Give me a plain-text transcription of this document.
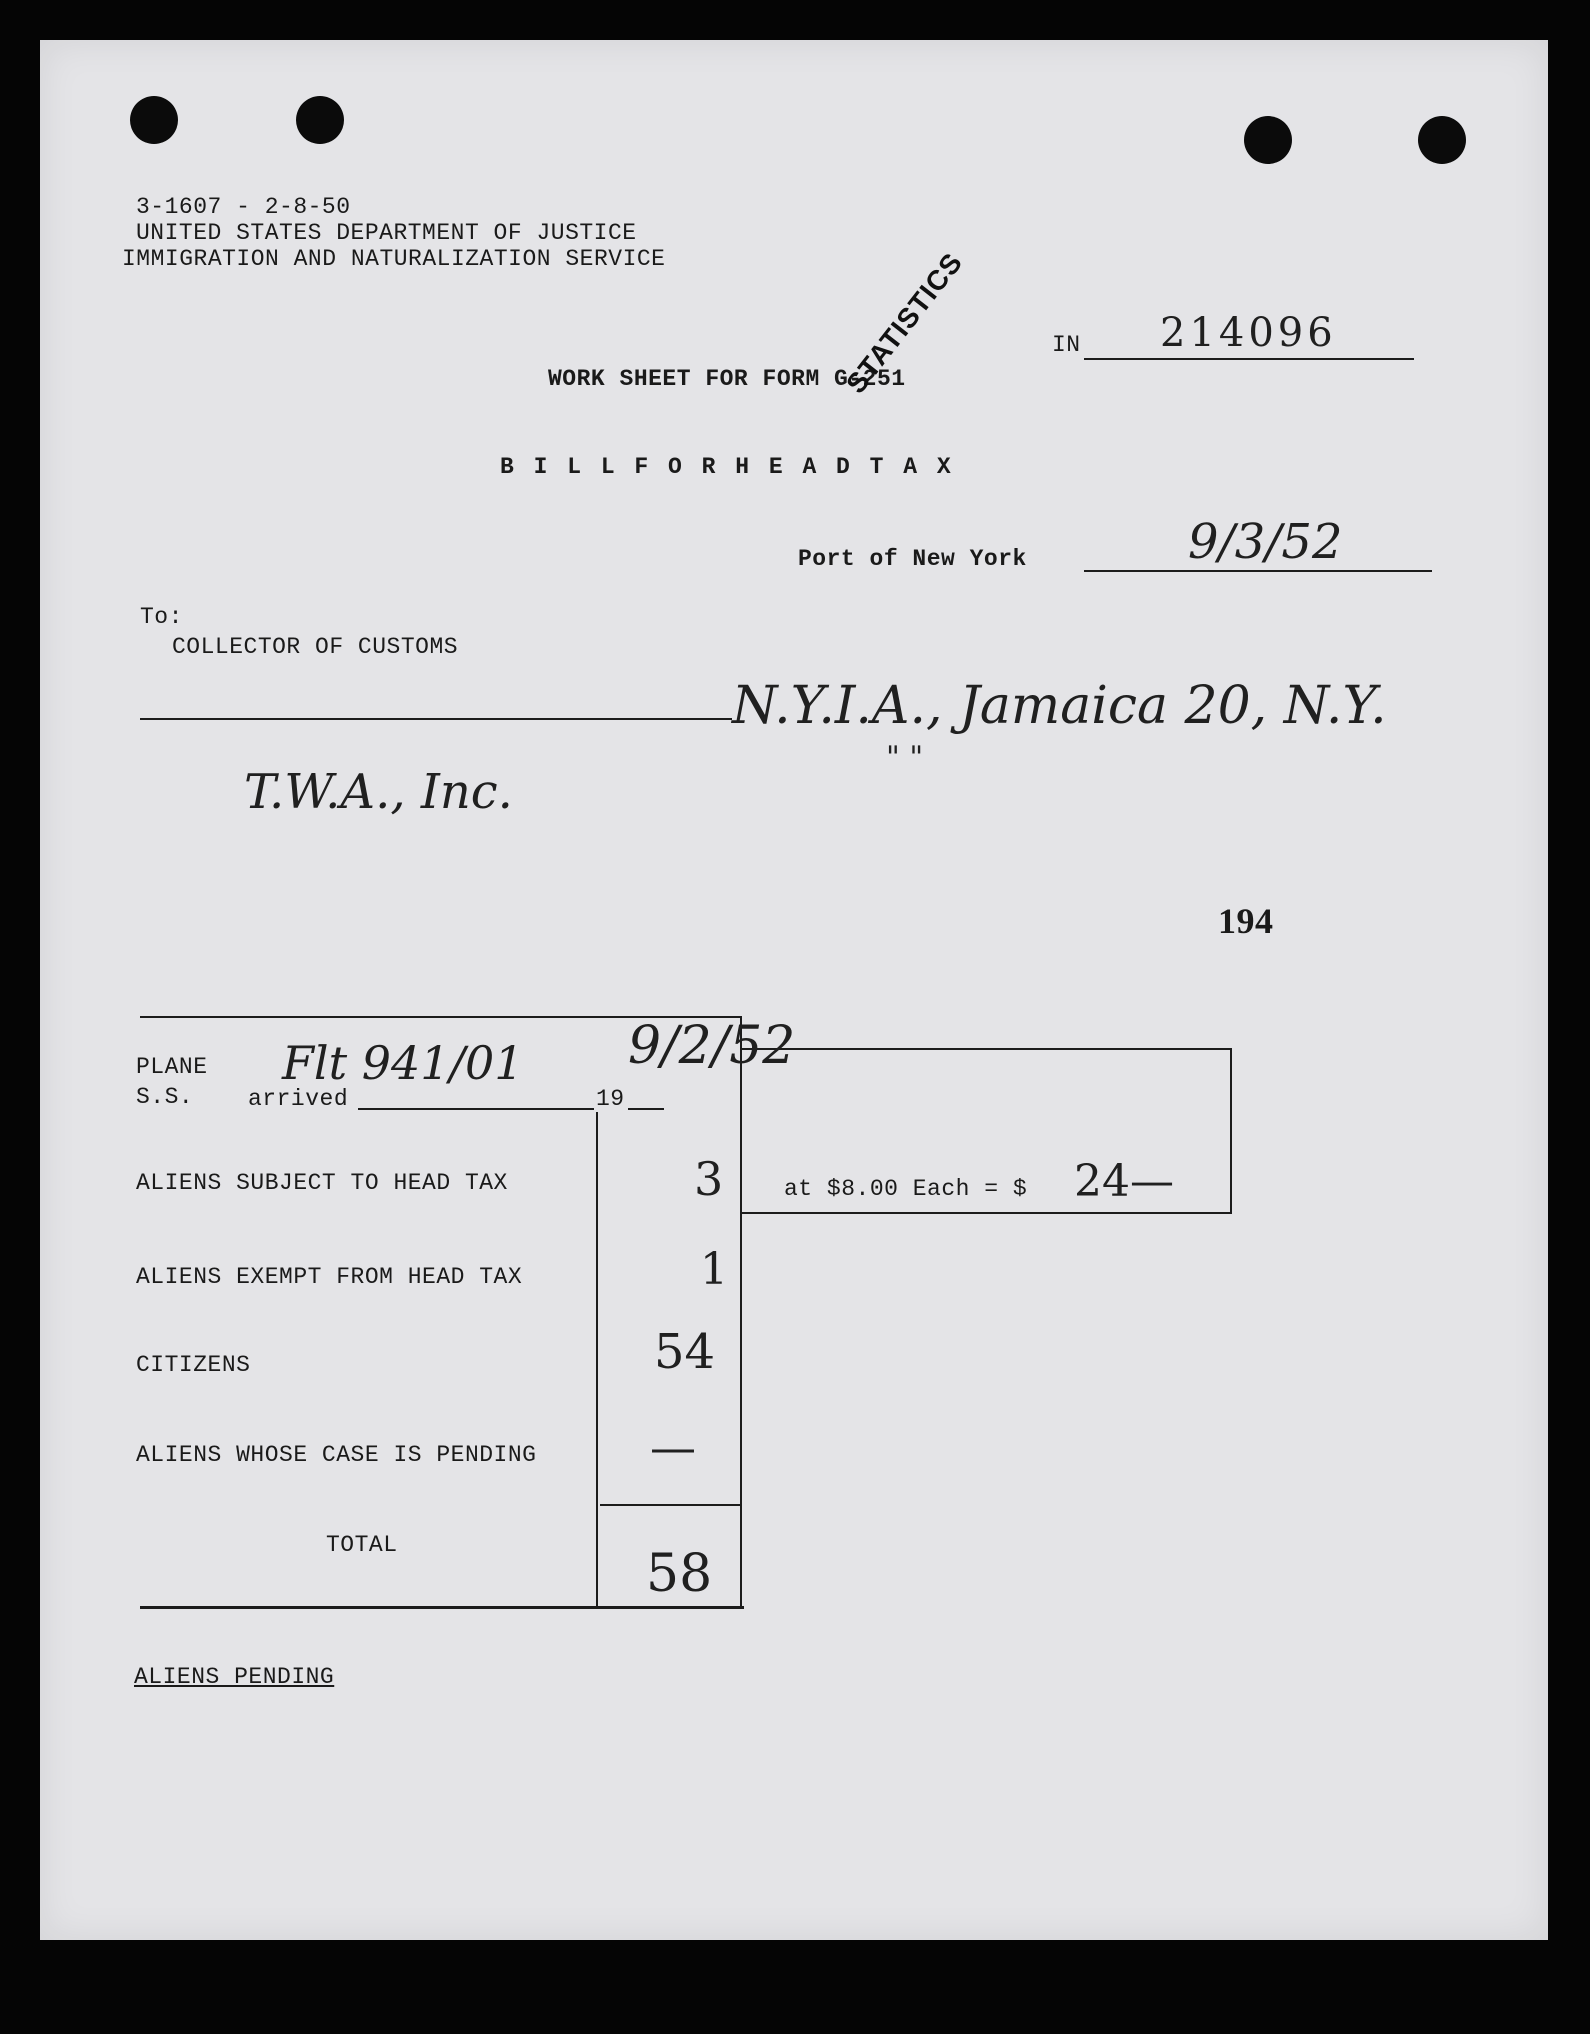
3-1607 - 2-8-50
UNITED STATES DEPARTMENT OF JUSTICE
IMMIGRATION AND NATURALIZATION SERVICE
IN 214096
WORK SHEET FOR FORM G-251
STATISTICS
B I L L F O R H E A D T A X
Port of New York	9/3/52
To:
COLLECTOR OF CUSTOMS
N.Y.I.A., Jamaica 20, N.Y.
" "
T.W.A., Inc.
194
at $8.00 Each = $ 24—
PLANE
S.S. arrived
Flt 941/01
19
9/2/52
ALIENS SUBJECT TO HEAD TAX	3
ALIENS EXEMPT FROM HEAD TAX	1
CITIZENS	54
ALIENS WHOSE CASE IS PENDING —
TOTAL	58
ALIENS PENDING
